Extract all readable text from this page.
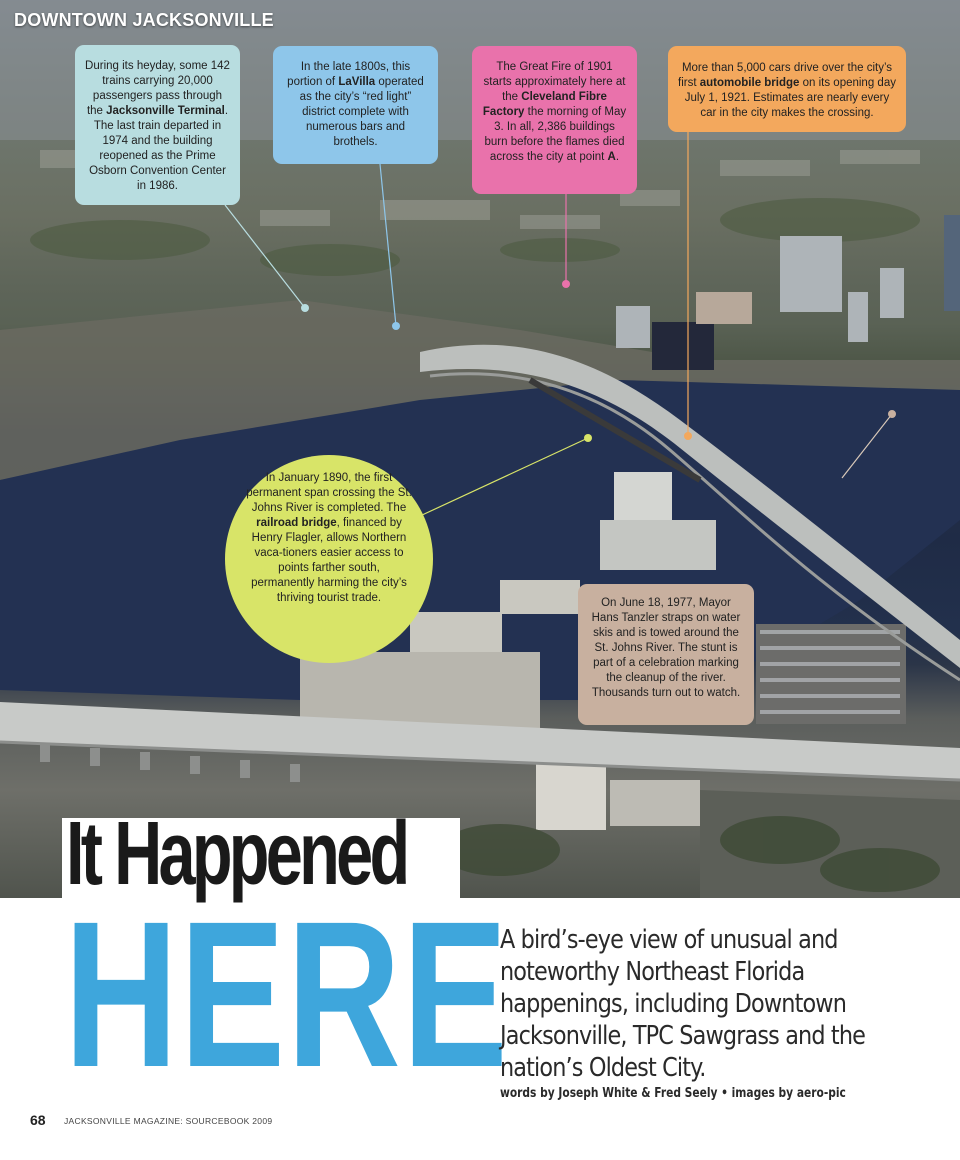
DOWNTOWN JACKSONVILLE
During its heyday, some 142 trains carrying 20,000 passengers pass through the Jacksonville Terminal. The last train departed in 1974 and the building reopened as the Prime Osborn Convention Center in 1986.
In the late 1800s, this portion of LaVilla operated as the city’s “red light” district complete with numerous bars and brothels.
The Great Fire of 1901 starts approximately here at the Cleveland Fibre Factory the morning of May 3. In all, 2,386 buildings burn before the flames died across the city at point A.
More than 5,000 cars drive over the city’s first automobile bridge on its opening day July 1, 1921. Estimates are nearly every car in the city makes the crossing.
In January 1890, the first permanent span crossing the St. Johns River is completed. The railroad bridge, financed by Henry Flagler, allows Northern vaca-tioners easier access to points farther south, permanently harming the city’s thriving tourist trade.	On June 18, 1977, Mayor Hans Tanzler straps on water skis and is towed around the St. Johns River. The stunt is part of a celebration marking the cleanup of the river. Thousands turn out to watch.
It Happened
HERE
A bird’s-eye view of unusual and noteworthy Northeast Florida happenings, including Downtown Jacksonville, TPC Sawgrass and the nation’s Oldest City.
words by Joseph White & Fred Seely • images by aero-pic
68 JACKSONVILLE MAGAZINE: SOURCEBOOK 2009
